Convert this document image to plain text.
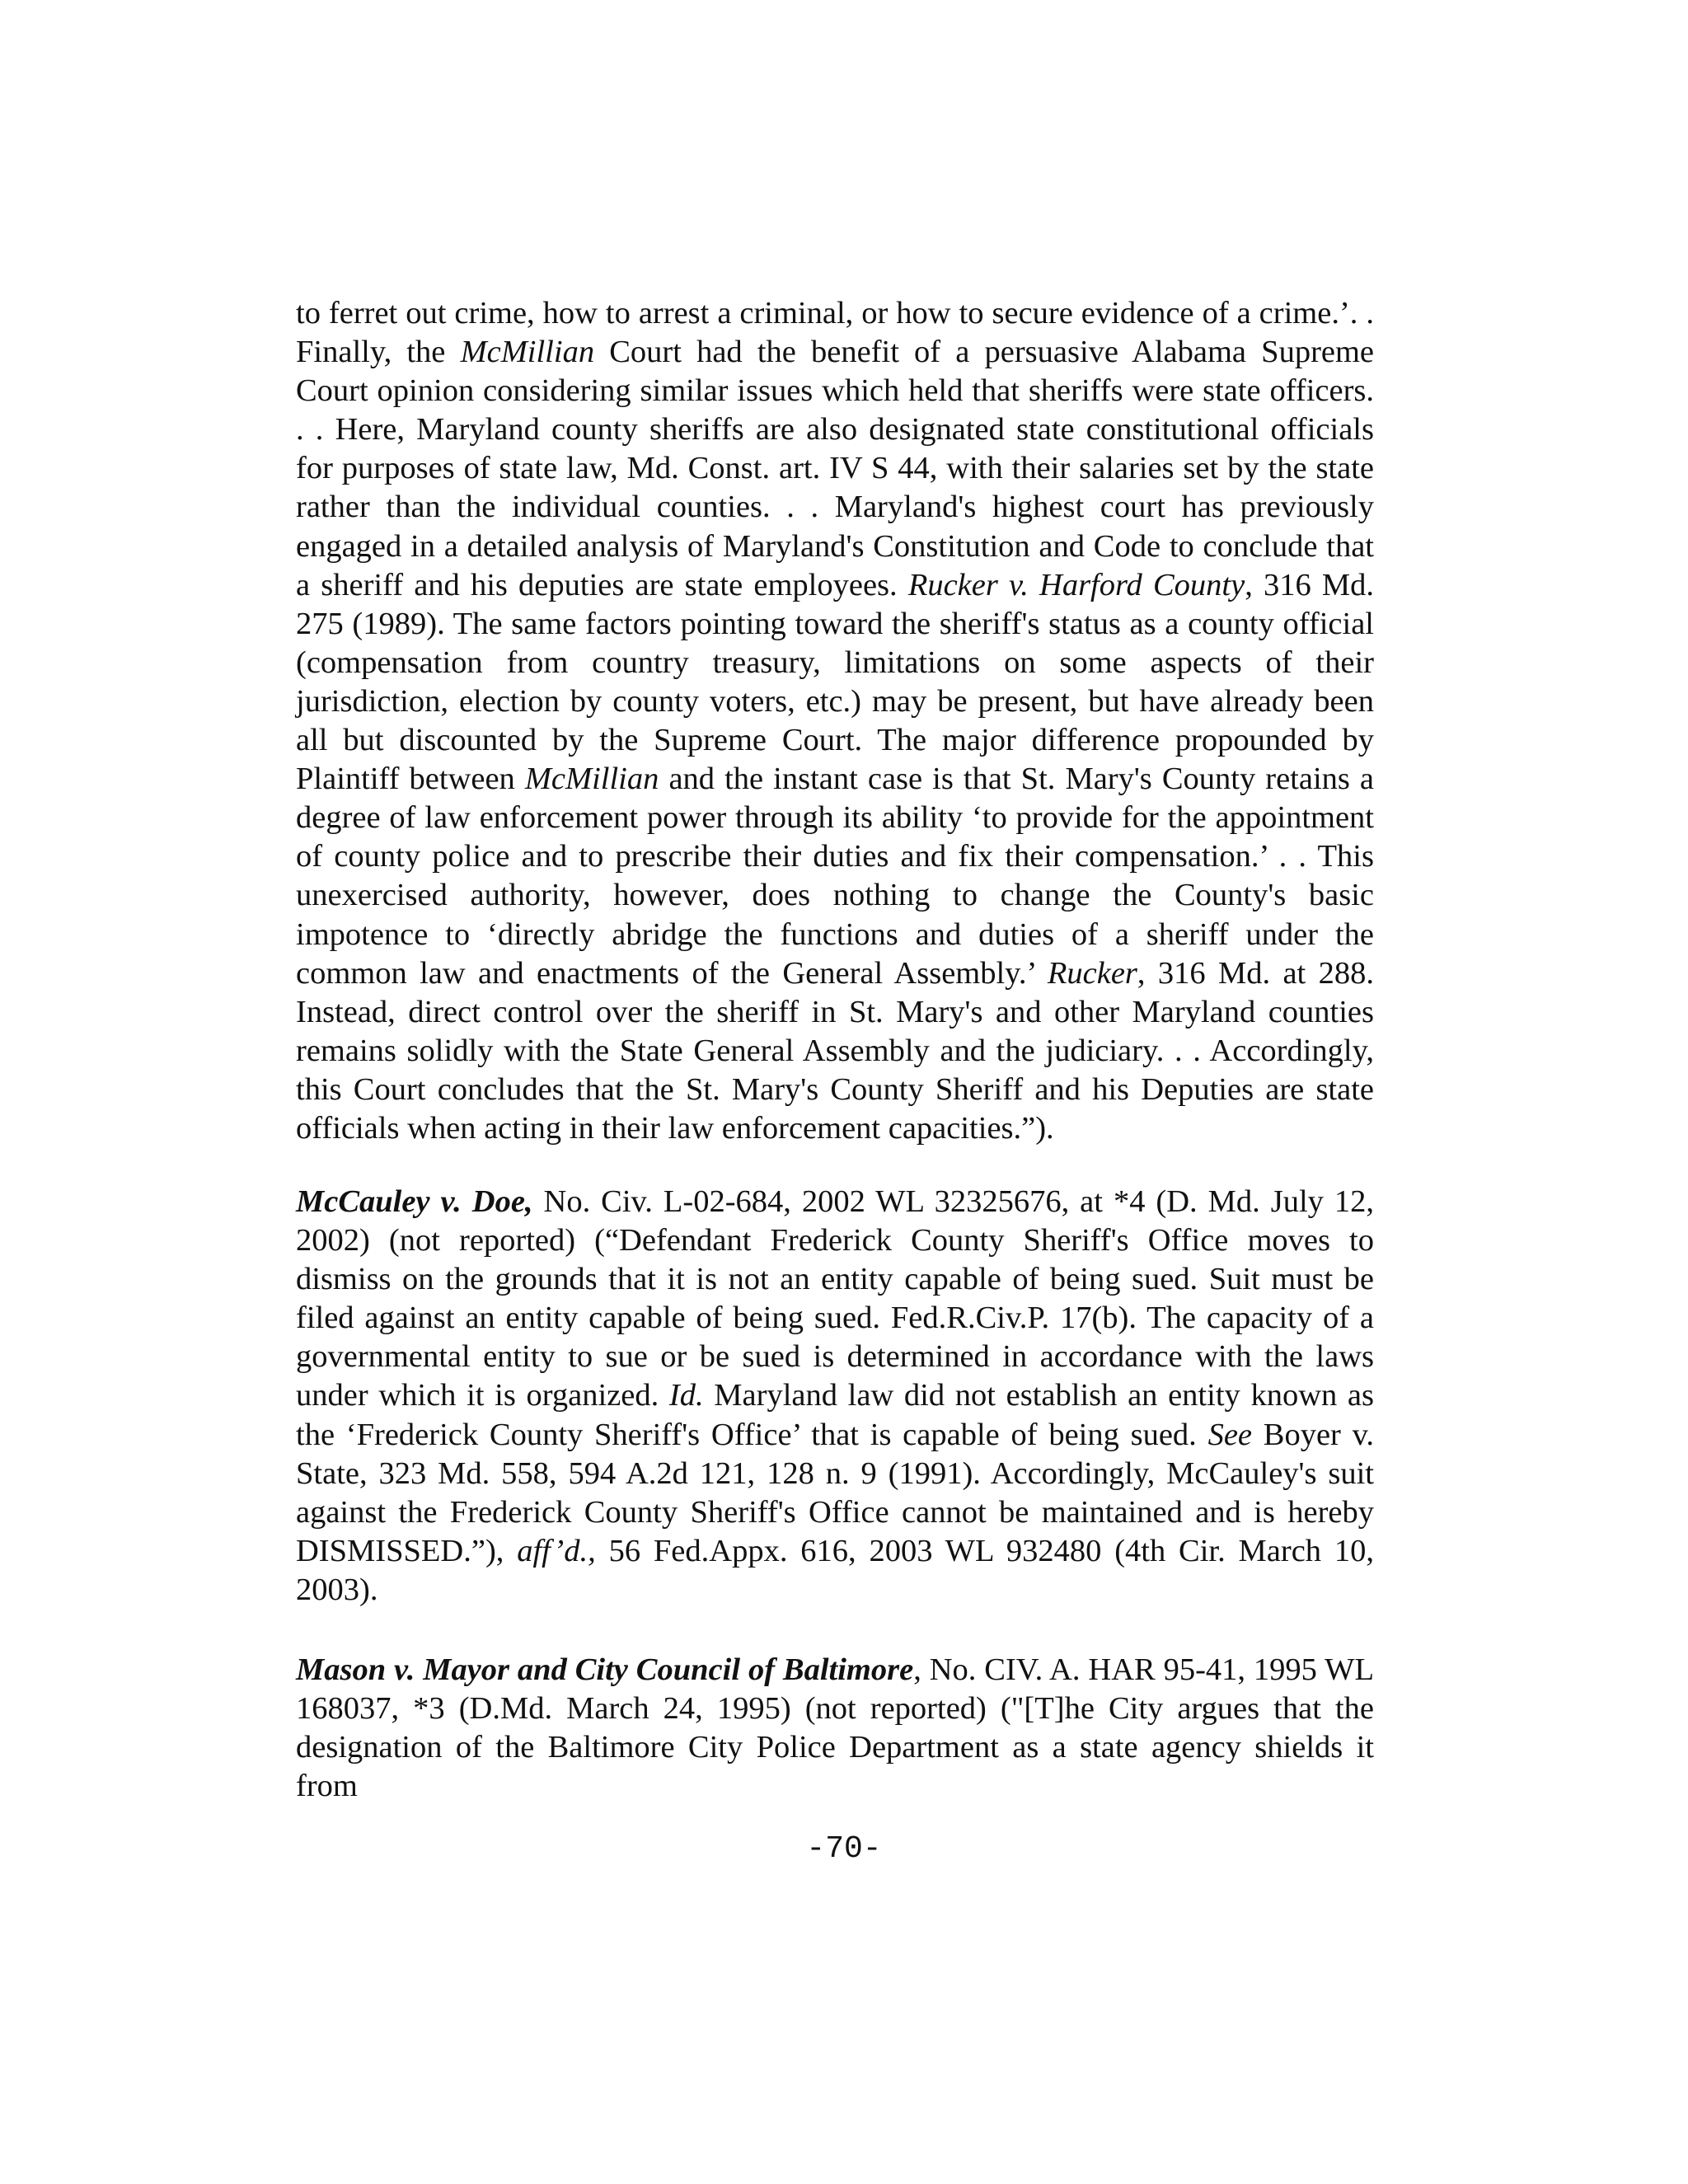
to ferret out crime, how to arrest a criminal, or how to secure evidence of a crime.’. . Finally, the McMillian Court had the benefit of a persuasive Alabama Supreme Court opinion considering similar issues which held that sheriffs were state officers. . . Here, Maryland county sheriffs are also designated state constitutional officials for purposes of state law, Md. Const. art. IV S 44, with their salaries set by the state rather than the individual counties. . . Maryland's highest court has previously engaged in a detailed analysis of Maryland's Constitution and Code to conclude that a sheriff and his deputies are state employees. Rucker v. Harford County, 316 Md. 275 (1989). The same factors pointing toward the sheriff's status as a county official (compensation from country treasury, limitations on some aspects of their jurisdiction, election by county voters, etc.) may be present, but have already been all but discounted by the Supreme Court. The major difference propounded by Plaintiff between McMillian and the instant case is that St. Mary's County retains a degree of law enforcement power through its ability ‘to provide for the appointment of county police and to prescribe their duties and fix their compensation.’ . . This unexercised authority, however, does nothing to change the County's basic impotence to ‘directly abridge the functions and duties of a sheriff under the common law and enactments of the General Assembly.’ Rucker, 316 Md. at 288. Instead, direct control over the sheriff in St. Mary's and other Maryland counties remains solidly with the State General Assembly and the judiciary. . . Accordingly, this Court concludes that the St. Mary's County Sheriff and his Deputies are state officials when acting in their law enforcement capacities.”).

McCauley v. Doe, No. Civ. L-02-684, 2002 WL 32325676, at *4 (D. Md. July 12, 2002) (not reported) (“Defendant Frederick County Sheriff's Office moves to dismiss on the grounds that it is not an entity capable of being sued. Suit must be filed against an entity capable of being sued. Fed.R.Civ.P. 17(b). The capacity of a governmental entity to sue or be sued is determined in accordance with the laws under which it is organized. Id. Maryland law did not establish an entity known as the ‘Frederick County Sheriff's Office’ that is capable of being sued. See Boyer v. State, 323 Md. 558, 594 A.2d 121, 128 n. 9 (1991). Accordingly, McCauley's suit against the Frederick County Sheriff's Office cannot be maintained and is hereby DISMISSED.”), aff’d., 56 Fed.Appx. 616, 2003 WL 932480 (4th Cir. March 10, 2003).

Mason v. Mayor and City Council of Baltimore, No. CIV. A. HAR 95-41, 1995 WL 168037, *3 (D.Md. March 24, 1995) (not reported) ("[T]he City argues that the designation of the Baltimore City Police Department as a state agency shields it from

-70-
